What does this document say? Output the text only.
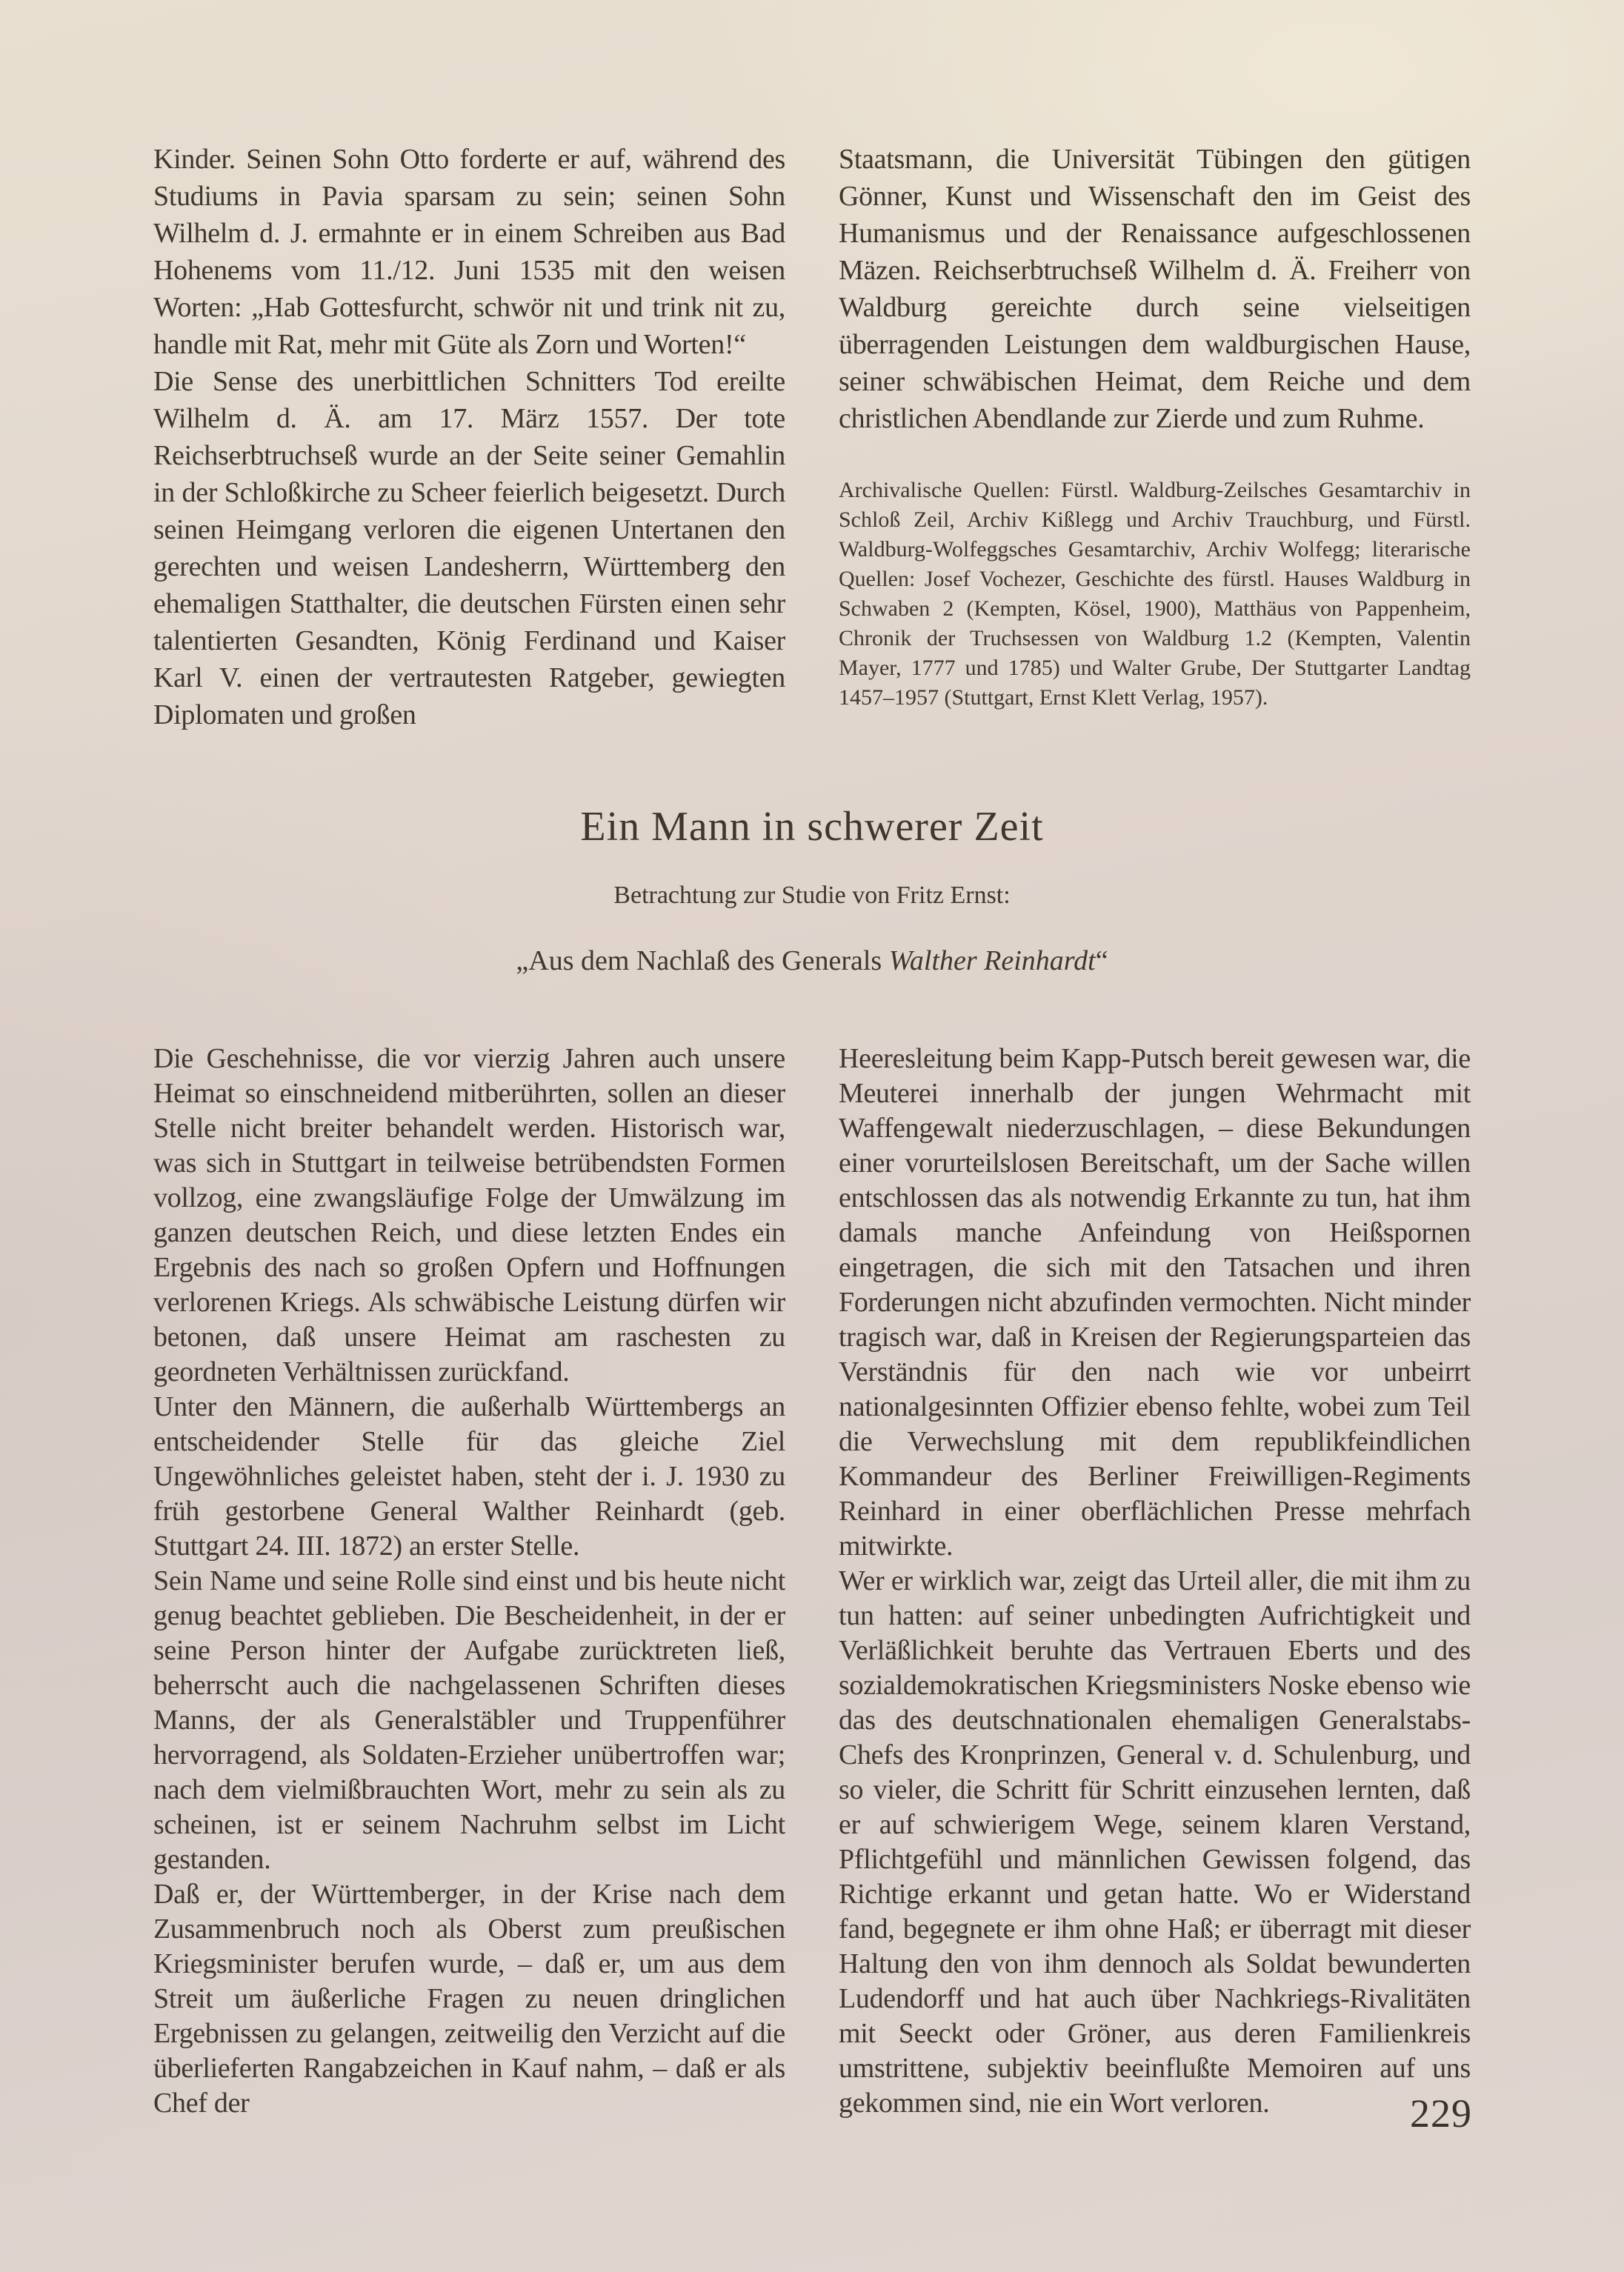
Kinder. Seinen Sohn Otto forderte er auf, während des Studiums in Pavia sparsam zu sein; seinen Sohn Wilhelm d. J. ermahnte er in einem Schreiben aus Bad Hohenems vom 11./12. Juni 1535 mit den weisen Worten: „Hab Gottesfurcht, schwör nit und trink nit zu, handle mit Rat, mehr mit Güte als Zorn und Worten!“

Die Sense des unerbittlichen Schnitters Tod ereilte Wilhelm d. Ä. am 17. März 1557. Der tote Reichserbtruchseß wurde an der Seite seiner Gemahlin in der Schloßkirche zu Scheer feierlich beigesetzt. Durch seinen Heimgang verloren die eigenen Untertanen den gerechten und weisen Landesherrn, Württemberg den ehemaligen Statthalter, die deutschen Fürsten einen sehr talentierten Gesandten, König Ferdinand und Kaiser Karl V. einen der vertrautesten Ratgeber, gewiegten Diplomaten und großen

Staatsmann, die Universität Tübingen den gütigen Gönner, Kunst und Wissenschaft den im Geist des Humanismus und der Renaissance aufgeschlossenen Mäzen. Reichserbtruchseß Wilhelm d. Ä. Freiherr von Waldburg gereichte durch seine vielseitigen überragenden Leistungen dem waldburgischen Hause, seiner schwäbischen Heimat, dem Reiche und dem christlichen Abendlande zur Zierde und zum Ruhme.

Archivalische Quellen: Fürstl. Waldburg-Zeilsches Gesamtarchiv in Schloß Zeil, Archiv Kißlegg und Archiv Trauchburg, und Fürstl. Waldburg-Wolfeggsches Gesamtarchiv, Archiv Wolfegg; literarische Quellen: Josef Vochezer, Geschichte des fürstl. Hauses Waldburg in Schwaben 2 (Kempten, Kösel, 1900), Matthäus von Pappenheim, Chronik der Truchsessen von Waldburg 1.2 (Kempten, Valentin Mayer, 1777 und 1785) und Walter Grube, Der Stuttgarter Landtag 1457–1957 (Stuttgart, Ernst Klett Verlag, 1957).

Ein Mann in schwerer Zeit

Betrachtung zur Studie von Fritz Ernst:

„Aus dem Nachlaß des Generals Walther Reinhardt“

Die Geschehnisse, die vor vierzig Jahren auch unsere Heimat so einschneidend mitberührten, sollen an dieser Stelle nicht breiter behandelt werden. Historisch war, was sich in Stuttgart in teilweise betrübendsten Formen vollzog, eine zwangsläufige Folge der Umwälzung im ganzen deutschen Reich, und diese letzten Endes ein Ergebnis des nach so großen Opfern und Hoffnungen verlorenen Kriegs. Als schwäbische Leistung dürfen wir betonen, daß unsere Heimat am raschesten zu geordneten Verhältnissen zurückfand.

Unter den Männern, die außerhalb Württembergs an entscheidender Stelle für das gleiche Ziel Ungewöhnliches geleistet haben, steht der i. J. 1930 zu früh gestorbene General Walther Reinhardt (geb. Stuttgart 24. III. 1872) an erster Stelle.

Sein Name und seine Rolle sind einst und bis heute nicht genug beachtet geblieben. Die Bescheidenheit, in der er seine Person hinter der Aufgabe zurücktreten ließ, beherrscht auch die nachgelassenen Schriften dieses Manns, der als Generalstäbler und Truppenführer hervorragend, als Soldaten-Erzieher unübertroffen war; nach dem vielmißbrauchten Wort, mehr zu sein als zu scheinen, ist er seinem Nachruhm selbst im Licht gestanden.

Daß er, der Württemberger, in der Krise nach dem Zusammenbruch noch als Oberst zum preußischen Kriegsminister berufen wurde, – daß er, um aus dem Streit um äußerliche Fragen zu neuen dringlichen Ergebnissen zu gelangen, zeitweilig den Verzicht auf die überlieferten Rangabzeichen in Kauf nahm, – daß er als Chef der

Heeresleitung beim Kapp-Putsch bereit gewesen war, die Meuterei innerhalb der jungen Wehrmacht mit Waffengewalt niederzuschlagen, – diese Bekundungen einer vorurteilslosen Bereitschaft, um der Sache willen entschlossen das als notwendig Erkannte zu tun, hat ihm damals manche Anfeindung von Heißspornen eingetragen, die sich mit den Tatsachen und ihren Forderungen nicht abzufinden vermochten. Nicht minder tragisch war, daß in Kreisen der Regierungsparteien das Verständnis für den nach wie vor unbeirrt nationalgesinnten Offizier ebenso fehlte, wobei zum Teil die Verwechslung mit dem republikfeindlichen Kommandeur des Berliner Freiwilligen-Regiments Reinhard in einer oberflächlichen Presse mehrfach mitwirkte.

Wer er wirklich war, zeigt das Urteil aller, die mit ihm zu tun hatten: auf seiner unbedingten Aufrichtigkeit und Verläßlichkeit beruhte das Vertrauen Eberts und des sozialdemokratischen Kriegsministers Noske ebenso wie das des deutschnationalen ehemaligen Generalstabs-Chefs des Kronprinzen, General v. d. Schulenburg, und so vieler, die Schritt für Schritt einzusehen lernten, daß er auf schwierigem Wege, seinem klaren Verstand, Pflichtgefühl und männlichen Gewissen folgend, das Richtige erkannt und getan hatte. Wo er Widerstand fand, begegnete er ihm ohne Haß; er überragt mit dieser Haltung den von ihm dennoch als Soldat bewunderten Ludendorff und hat auch über Nachkriegs-Rivalitäten mit Seeckt oder Gröner, aus deren Familienkreis umstrittene, subjektiv beeinflußte Memoiren auf uns gekommen sind, nie ein Wort verloren.	229
